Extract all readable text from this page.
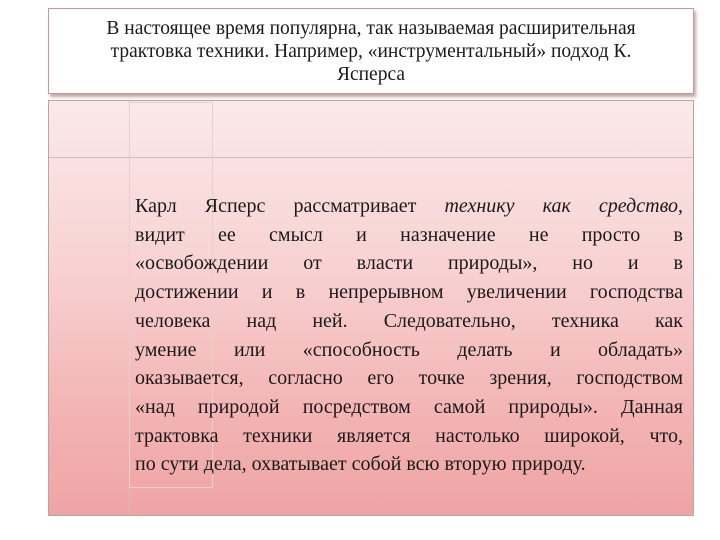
В настоящее время популярна, так называемая расширительная
трактовка техники. Например, «инструментальный» подход К.
Ясперса
Карл Ясперс рассматривает технику как средство,
видит ее смысл и назначение не просто в
«освобождении от власти природы», но и в
достижении и в непрерывном увеличении господства
человека над ней. Следовательно, техника как
умение или «способность делать и обладать»
оказывается, согласно его точке зрения, господством
«над природой посредством самой природы». Данная
трактовка техники является настолько широкой, что,
по сути дела, охватывает собой всю вторую природу.
